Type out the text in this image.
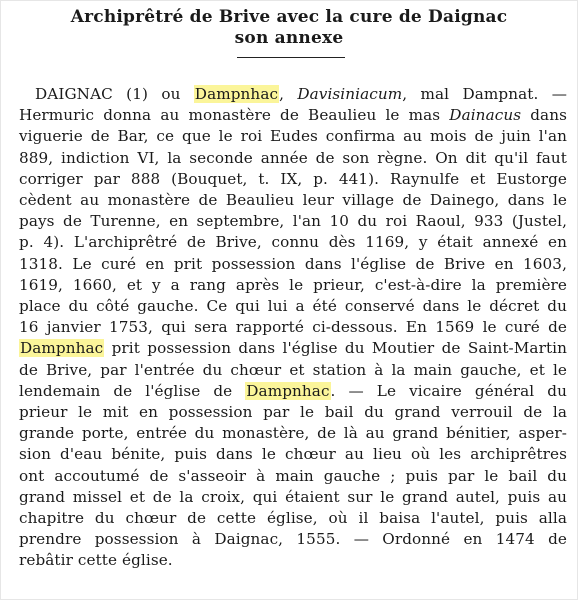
Archiprêtré de Brive avec la cure de Daignac
son annexe
DAIGNAC (1) ou Dampnhac, Davisiniacum, mal Dampnat. —
Hermuric donna au monastère de Beaulieu le mas Dainacus dans
viguerie de Bar, ce que le roi Eudes confirma au mois de juin l'an
889, indiction VI, la seconde année de son règne. On dit qu'il faut
corriger par 888 (Bouquet, t. IX, p. 441). Raynulfe et Eustorge
cèdent au monastère de Beaulieu leur village de Dainego, dans le
pays de Turenne, en septembre, l'an 10 du roi Raoul, 933 (Justel,
p. 4). L'archiprêtré de Brive, connu dès 1169, y était annexé en
1318. Le curé en prit possession dans l'église de Brive en 1603,
1619, 1660, et y a rang après le prieur, c'est-à-dire la première
place du côté gauche. Ce qui lui a été conservé dans le décret du
16 janvier 1753, qui sera rapporté ci-dessous. En 1569 le curé de
Dampnhac prit possession dans l'église du Moutier de Saint-Martin
de Brive, par l'entrée du chœur et station à la main gauche, et le
lendemain de l'église de Dampnhac. — Le vicaire général du
prieur le mit en possession par le bail du grand verrouil de la
grande porte, entrée du monastère, de là au grand bénitier, asper-
sion d'eau bénite, puis dans le chœur au lieu où les archiprêtres
ont accoutumé de s'asseoir à main gauche ; puis par le bail du
grand missel et de la croix, qui étaient sur le grand autel, puis au
chapitre du chœur de cette église, où il baisa l'autel, puis alla
prendre possession à Daignac, 1555. — Ordonné en 1474 de
rebâtir cette église.
